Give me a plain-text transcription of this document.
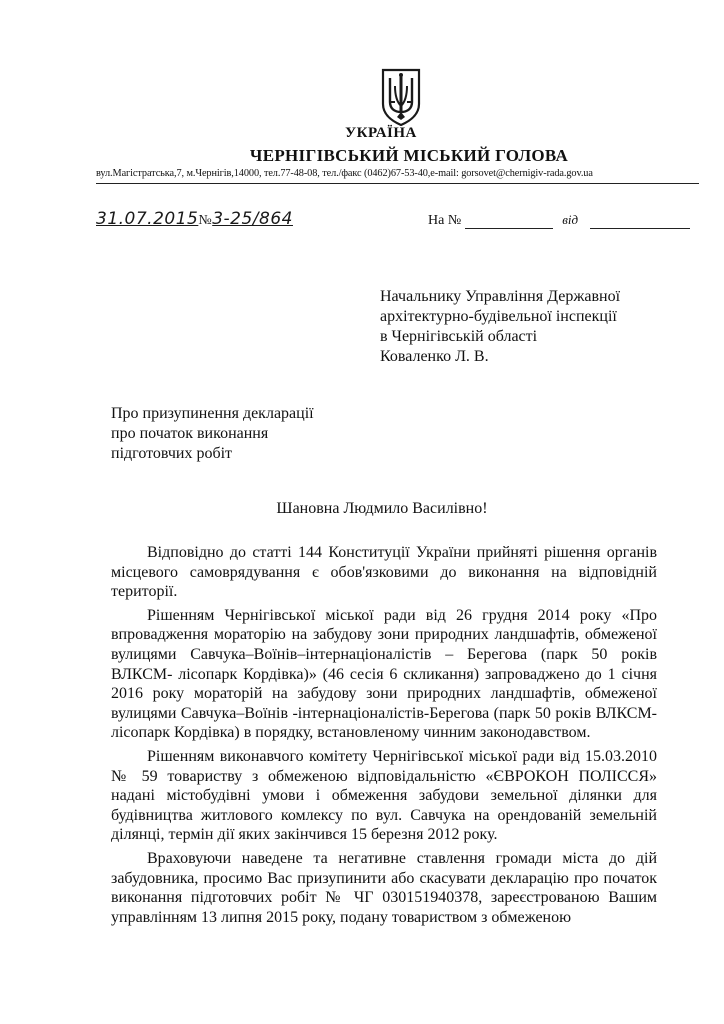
УКРАЇНА
ЧЕРНІГІВСЬКИЙ МІСЬКИЙ ГОЛОВА
вул.Магістратська,7, м.Чернігів,14000, тел.77-48-08, тел./факс (0462)67-53-40,e-mail: gorsovet@chernigiv-rada.gov.ua
31.07.2015№3-25/864	На №	від
Начальнику Управління Державної
архітектурно-будівельної інспекції
в Чернігівській області
Коваленко Л. В.
Про призупинення декларації
про початок виконання
підготовчих робіт
Шановна Людмило Василівно!

Відповідно до статті 144 Конституції України прийняті рішення органів місцевого самоврядування є обов'язковими до виконання на відповідній території.

Рішенням Чернігівської міської ради від 26 грудня 2014 року «Про впровадження мораторію на забудову зони природних ландшафтів, обмеженої вулицями Савчука–Воїнів–інтернаціоналістів – Берегова (парк 50 років ВЛКСМ- лісопарк Кордівка)» (46 сесія 6 скликання) запроваджено до 1 січня 2016 року мораторій на забудову зони природних ландшафтів, обмеженої вулицями Савчука–Воїнів -інтернаціоналістів-Берегова (парк 50 років ВЛКСМ-лісопарк Кордівка) в порядку, встановленому чинним законодавством.

Рішенням виконавчого комітету Чернігівської міської ради від 15.03.2010 № 59 товариству з обмеженою відповідальністю «ЄВРОКОН ПОЛІССЯ» надані містобудівні умови і обмеження забудови земельної ділянки для будівництва житлового комлексу по вул. Савчука на орендованій земельній ділянці, термін дії яких закінчився 15 березня 2012 року.

Враховуючи наведене та негативне ставлення громади міста до дій забудовника, просимо Вас призупинити або скасувати декларацію про початок виконання підготовчих робіт № ЧГ 030151940378, зареєстрованою Вашим управлінням 13 липня 2015 року, подану товариством з обмеженою
